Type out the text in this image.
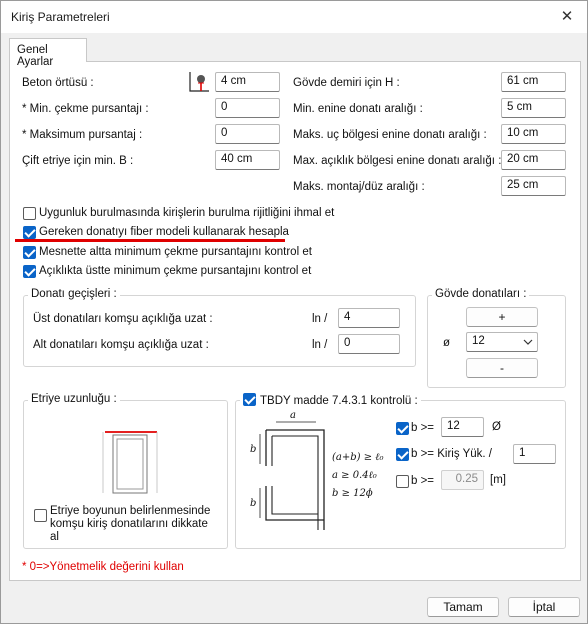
Kiriş Parametreleri	✕
Genel Ayarlar
Beton örtüsü :	4 cm
* Min. çekme pursantajı :	0
* Maksimum pursantaj :	0
Çift etriye için min. B :	40 cm
Gövde demiri için H :	61 cm
Min. enine donatı aralığı :	5 cm
Maks. uç bölgesi enine donatı aralığı :	10 cm
Max. açıklık bölgesi enine donatı aralığı : 20 cm
Maks. montaj/düz aralığı :	25 cm
Uygunluk burulmasında kirişlerin burulma rijitliğini ihmal et
Gereken donatıyı fiber modeli kullanarak hesapla
Mesnette altta minimum çekme pursantajını kontrol et
Açıklıkta üstte minimum çekme pursantajını kontrol et
Donatı geçişleri :
Üst donatıları komşu açıklığa uzat :	ln /	4
Alt donatıları komşu açıklığa uzat :	ln /	0
Gövde donatıları :
+
ø	12
-
Etriye uzunluğu :
Etriye boyunun belirlenmesinde komşu kiriş donatılarını dikkate al
TBDY madde 7.4.3.1 kontrolü :
a
b
b
(a+b) ≥ ℓ₀
a ≥ 0.4ℓ₀
b ≥ 12ϕ
b >=	12	Ø
b >= Kiriş Yük. /	1
b >=	0.25	[m]
* 0=>Yönetmelik değerini kullan
Tamam	İptal
